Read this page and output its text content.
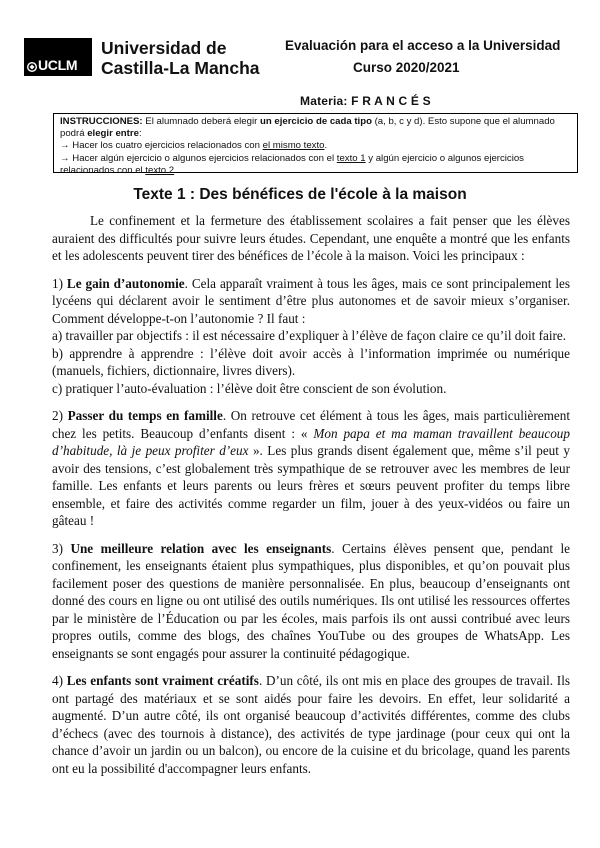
UCLM
Universidad de
Castilla-La Mancha
Evaluación para el acceso a la Universidad
Curso 2020/2021
Materia: F R A N C É S
INSTRUCCIONES: El alumnado deberá elegir un ejercicio de cada tipo (a, b, c y d). Esto supone que el alumnado podrá elegir entre:
→ Hacer los cuatro ejercicios relacionados con el mismo texto.
→ Hacer algún ejercicio o algunos ejercicios relacionados con el texto 1 y algún ejercicio o algunos ejercicios relacionados con el texto 2.
Texte 1 : Des bénéfices de l'école à la maison

Le confinement et la fermeture des établissement scolaires a fait penser que les élèves auraient des difficultés pour suivre leurs études. Cependant, une enquête a montré que les enfants et les adolescents peuvent tirer des bénéfices de l’école à la maison. Voici les principaux :

1) Le gain d’autonomie. Cela apparaît vraiment à tous les âges, mais ce sont principalement les lycéens qui déclarent avoir le sentiment d’être plus autonomes et de savoir mieux s’organiser. Comment développe-t-on l’autonomie ? Il faut :

a) travailler par objectifs : il est nécessaire d’expliquer à l’élève de façon claire ce qu’il doit faire.

b) apprendre à apprendre : l’élève doit avoir accès à l’information imprimée ou numérique (manuels, fichiers, dictionnaire, livres divers).

c) pratiquer l’auto-évaluation : l’élève doit être conscient de son évolution.

2) Passer du temps en famille. On retrouve cet élément à tous les âges, mais particulièrement chez les petits. Beaucoup d’enfants disent : « Mon papa et ma maman travaillent beaucoup d’habitude, là je peux profiter d’eux ». Les plus grands disent également que, même s’il peut y avoir des tensions, c’est globalement très sympathique de se retrouver avec les membres de leur famille. Les enfants et leurs parents ou leurs frères et sœurs peuvent profiter du temps libre ensemble, et faire des activités comme regarder un film, jouer à des yeux-vidéos ou faire un gâteau !

3) Une meilleure relation avec les enseignants. Certains élèves pensent que, pendant le confinement, les enseignants étaient plus sympathiques, plus disponibles, et qu’on pouvait plus facilement poser des questions de manière personnalisée. En plus, beaucoup d’enseignants ont donné des cours en ligne ou ont utilisé des outils numériques. Ils ont utilisé les ressources offertes par le ministère de l’Éducation ou par les écoles, mais parfois ils ont aussi contribué avec leurs propres outils, comme des blogs, des chaînes YouTube ou des groupes de WhatsApp. Les enseignants se sont engagés pour assurer la continuité pédagogique.

4) Les enfants sont vraiment créatifs. D’un côté, ils ont mis en place des groupes de travail. Ils ont partagé des matériaux et se sont aidés pour faire les devoirs. En effet, leur solidarité a augmenté. D’un autre côté, ils ont organisé beaucoup d’activités différentes, comme des clubs d’échecs (avec des tournois à distance), des activités de type jardinage (pour ceux qui ont la chance d’avoir un jardin ou un balcon), ou encore de la cuisine et du bricolage, quand les parents ont eu la possibilité d'accompagner leurs enfants.
